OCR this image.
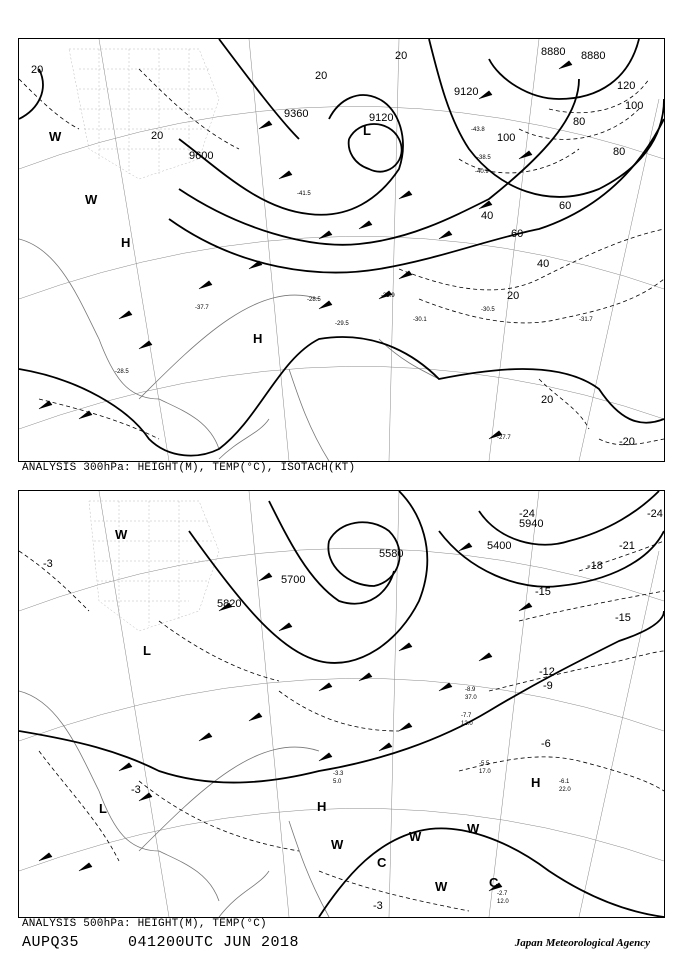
9600
9360	9120
8880 8880
9120
20
20
20
40
60
80
100
120
20
40
60
80
100
20
20
-20
H
H
W
W
L
-27.7
-31.7
-30.5
-30.1
-31.9
-28.5
-29.5
-28.5
-37.7
-38.5
-40.9
-43.8
-41.5
ANALYSIS 300hPa: HEIGHT(M), TEMP(°C), ISOTACH(KT)
5700
5820
5580
5400
5940
-3
-3
-6
-9
-12
-15
-15
-18
-21
-24	-24
-3
W
L
L	H
H
W
W
W
W
C
C
-2.7
12.0
-6.1
22.0
-5.5
17.0
-7.7
12.0
-8.9
37.0
-3.3
5.0
ANALYSIS 500hPa: HEIGHT(M), TEMP(°C)
AUPQ35	041200UTC JUN 2018	Japan Meteorological Agency
